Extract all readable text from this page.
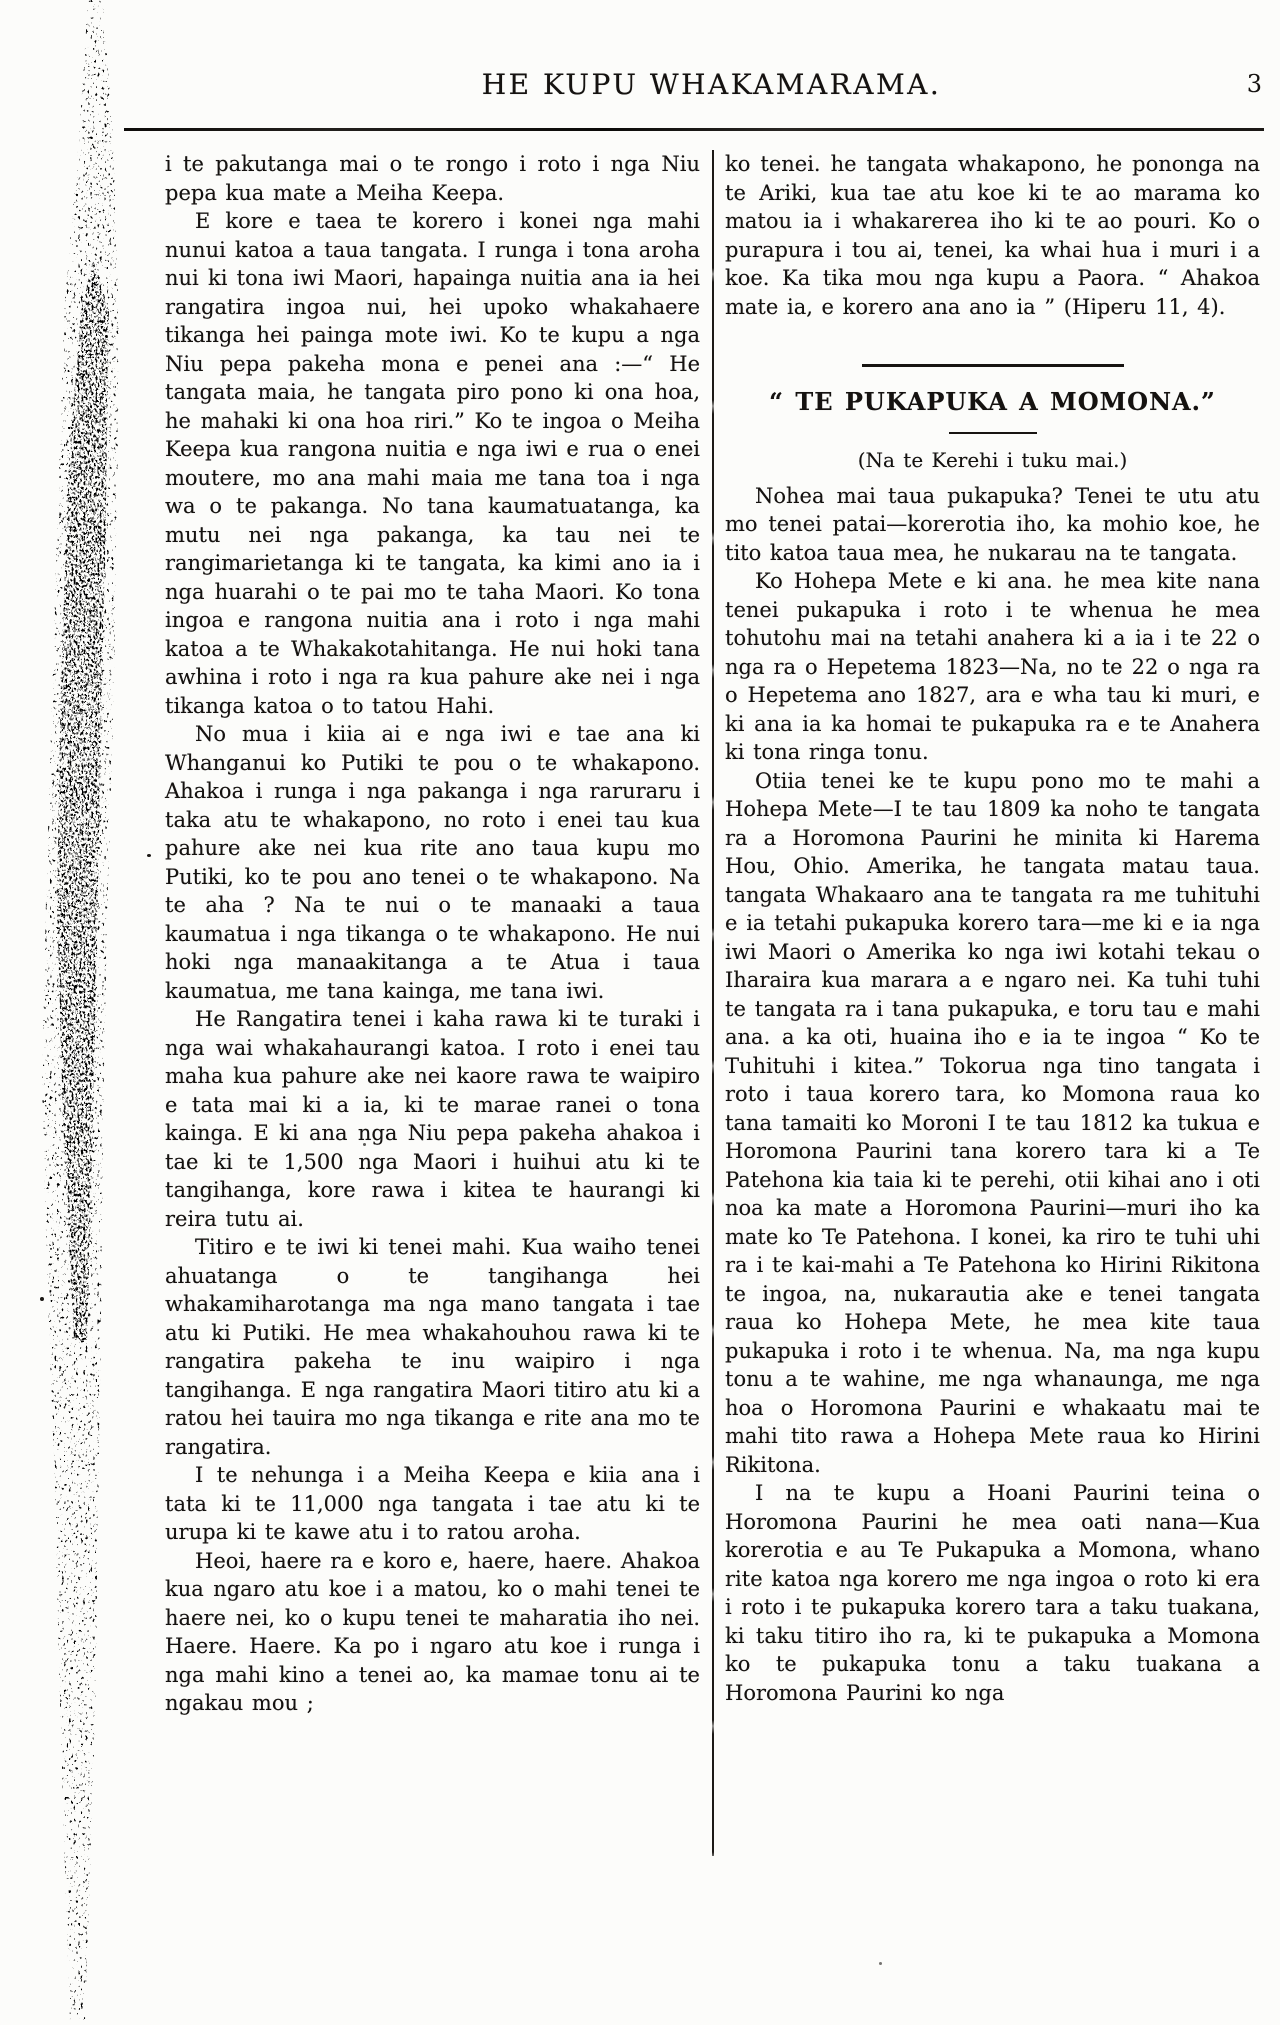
HE KUPU WHAKAMARAMA.	3

i te pakutanga mai o te rongo i roto i nga Niu pepa kua mate a Meiha Keepa.

E kore e taea te korero i konei nga mahi nunui katoa a taua tangata. I runga i tona aroha nui ki tona iwi Maori, hapainga nuitia ana ia hei rangatira ingoa nui, hei upoko whakahaere tikanga hei painga mote iwi. Ko te kupu a nga Niu pepa pakeha mona e penei ana :—“ He tangata maia, he tangata piro pono ki ona hoa, he mahaki ki ona hoa riri.” Ko te ingoa o Meiha Keepa kua rangona nuitia e nga iwi e rua o enei moutere, mo ana mahi maia me tana toa i nga wa o te pakanga. No tana kaumatuatanga, ka mutu nei nga pakanga, ka tau nei te rangimarietanga ki te tangata, ka kimi ano ia i nga huarahi o te pai mo te taha Maori. Ko tona ingoa e rangona nuitia ana i roto i nga mahi katoa a te Whakakotahitanga. He nui hoki tana awhina i roto i nga ra kua pahure ake nei i nga tikanga katoa o to tatou Hahi.

No mua i kiia ai e nga iwi e tae ana ki Whanganui ko Putiki te pou o te whakapono. Ahakoa i runga i nga pakanga i nga raruraru i taka atu te whakapono, no roto i enei tau kua pahure ake nei kua rite ano taua kupu mo Putiki, ko te pou ano tenei o te whakapono. Na te aha ? Na te nui o te manaaki a taua kaumatua i nga tikanga o te whakapono. He nui hoki nga manaakitanga a te Atua i taua kaumatua, me tana kainga, me tana iwi.

He Rangatira tenei i kaha rawa ki te turaki i nga wai whakahaurangi katoa. I roto i enei tau maha kua pahure ake nei kaore rawa te waipiro e tata mai ki a ia, ki te marae ranei o tona kainga. E ki ana nga Niu pepa pakeha ahakoa i tae ki te 1,500 nga Maori i huihui atu ki te tangihanga, kore rawa i kitea te haurangi ki reira tutu ai.

Titiro e te iwi ki tenei mahi. Kua waiho tenei ahuatanga o te tangihanga hei whakamiharotanga ma nga mano tangata i tae atu ki Putiki. He mea whakahouhou rawa ki te rangatira pakeha te inu waipiro i nga tangihanga. E nga rangatira Maori titiro atu ki a ratou hei tauira mo nga tikanga e rite ana mo te rangatira.

I te nehunga i a Meiha Keepa e kiia ana i tata ki te 11,000 nga tangata i tae atu ki te urupa ki te kawe atu i to ratou aroha.

Heoi, haere ra e koro e, haere, haere. Ahakoa kua ngaro atu koe i a matou, ko o mahi tenei te haere nei, ko o kupu tenei te maharatia iho nei. Haere. Haere. Ka po i ngaro atu koe i runga i nga mahi kino a tenei ao, ka mamae tonu ai te ngakau mou ;

ko tenei. he tangata whakapono, he pononga na te Ariki, kua tae atu koe ki te ao marama ko matou ia i whakarerea iho ki te ao pouri. Ko o purapura i tou ai, tenei, ka whai hua i muri i a koe. Ka tika mou nga kupu a Paora. “ Ahakoa mate ia, e korero ana ano ia ” (Hiperu 11, 4).

“ TE PUKAPUKA A MOMONA.”
(Na te Kerehi i tuku mai.)

Nohea mai taua pukapuka? Tenei te utu atu mo tenei patai—korerotia iho, ka mohio koe, he tito katoa taua mea, he nukarau na te tangata.

Ko Hohepa Mete e ki ana. he mea kite nana tenei pukapuka i roto i te whenua he mea tohutohu mai na tetahi anahera ki a ia i te 22 o nga ra o Hepetema 1823—Na, no te 22 o nga ra o Hepetema ano 1827, ara e wha tau ki muri, e ki ana ia ka homai te pukapuka ra e te Anahera ki tona ringa tonu.

Otiia tenei ke te kupu pono mo te mahi a Hohepa Mete—I te tau 1809 ka noho te tangata ra a Horomona Paurini he minita ki Harema Hou, Ohio. Amerika, he tangata matau taua. tangata Whakaaro ana te tangata ra me tuhituhi e ia tetahi pukapuka korero tara—me ki e ia nga iwi Maori o Amerika ko nga iwi kotahi tekau o Iharaira kua marara a e ngaro nei. Ka tuhi tuhi te tangata ra i tana pukapuka, e toru tau e mahi ana. a ka oti, huaina iho e ia te ingoa “ Ko te Tuhituhi i kitea.” Tokorua nga tino tangata i roto i taua korero tara, ko Momona raua ko tana tamaiti ko Moroni I te tau 1812 ka tukua e Horomona Paurini tana korero tara ki a Te Patehona kia taia ki te perehi, otii kihai ano i oti noa ka mate a Horomona Paurini—muri iho ka mate ko Te Patehona. I konei, ka riro te tuhi uhi ra i te kai-mahi a Te Patehona ko Hirini Rikitona te ingoa, na, nukarautia ake e tenei tangata raua ko Hohepa Mete, he mea kite taua pukapuka i roto i te whenua. Na, ma nga kupu tonu a te wahine, me nga whanaunga, me nga hoa o Horomona Paurini e whakaatu mai te mahi tito rawa a Hohepa Mete raua ko Hirini Rikitona.

I na te kupu a Hoani Paurini teina o Horomona Paurini he mea oati nana—Kua korerotia e au Te Pukapuka a Momona, whano rite katoa nga korero me nga ingoa o roto ki era i roto i te pukapuka korero tara a taku tuakana, ki taku titiro iho ra, ki te pukapuka a Momona ko te pukapuka tonu a taku tuakana a Horomona Paurini ko nga
